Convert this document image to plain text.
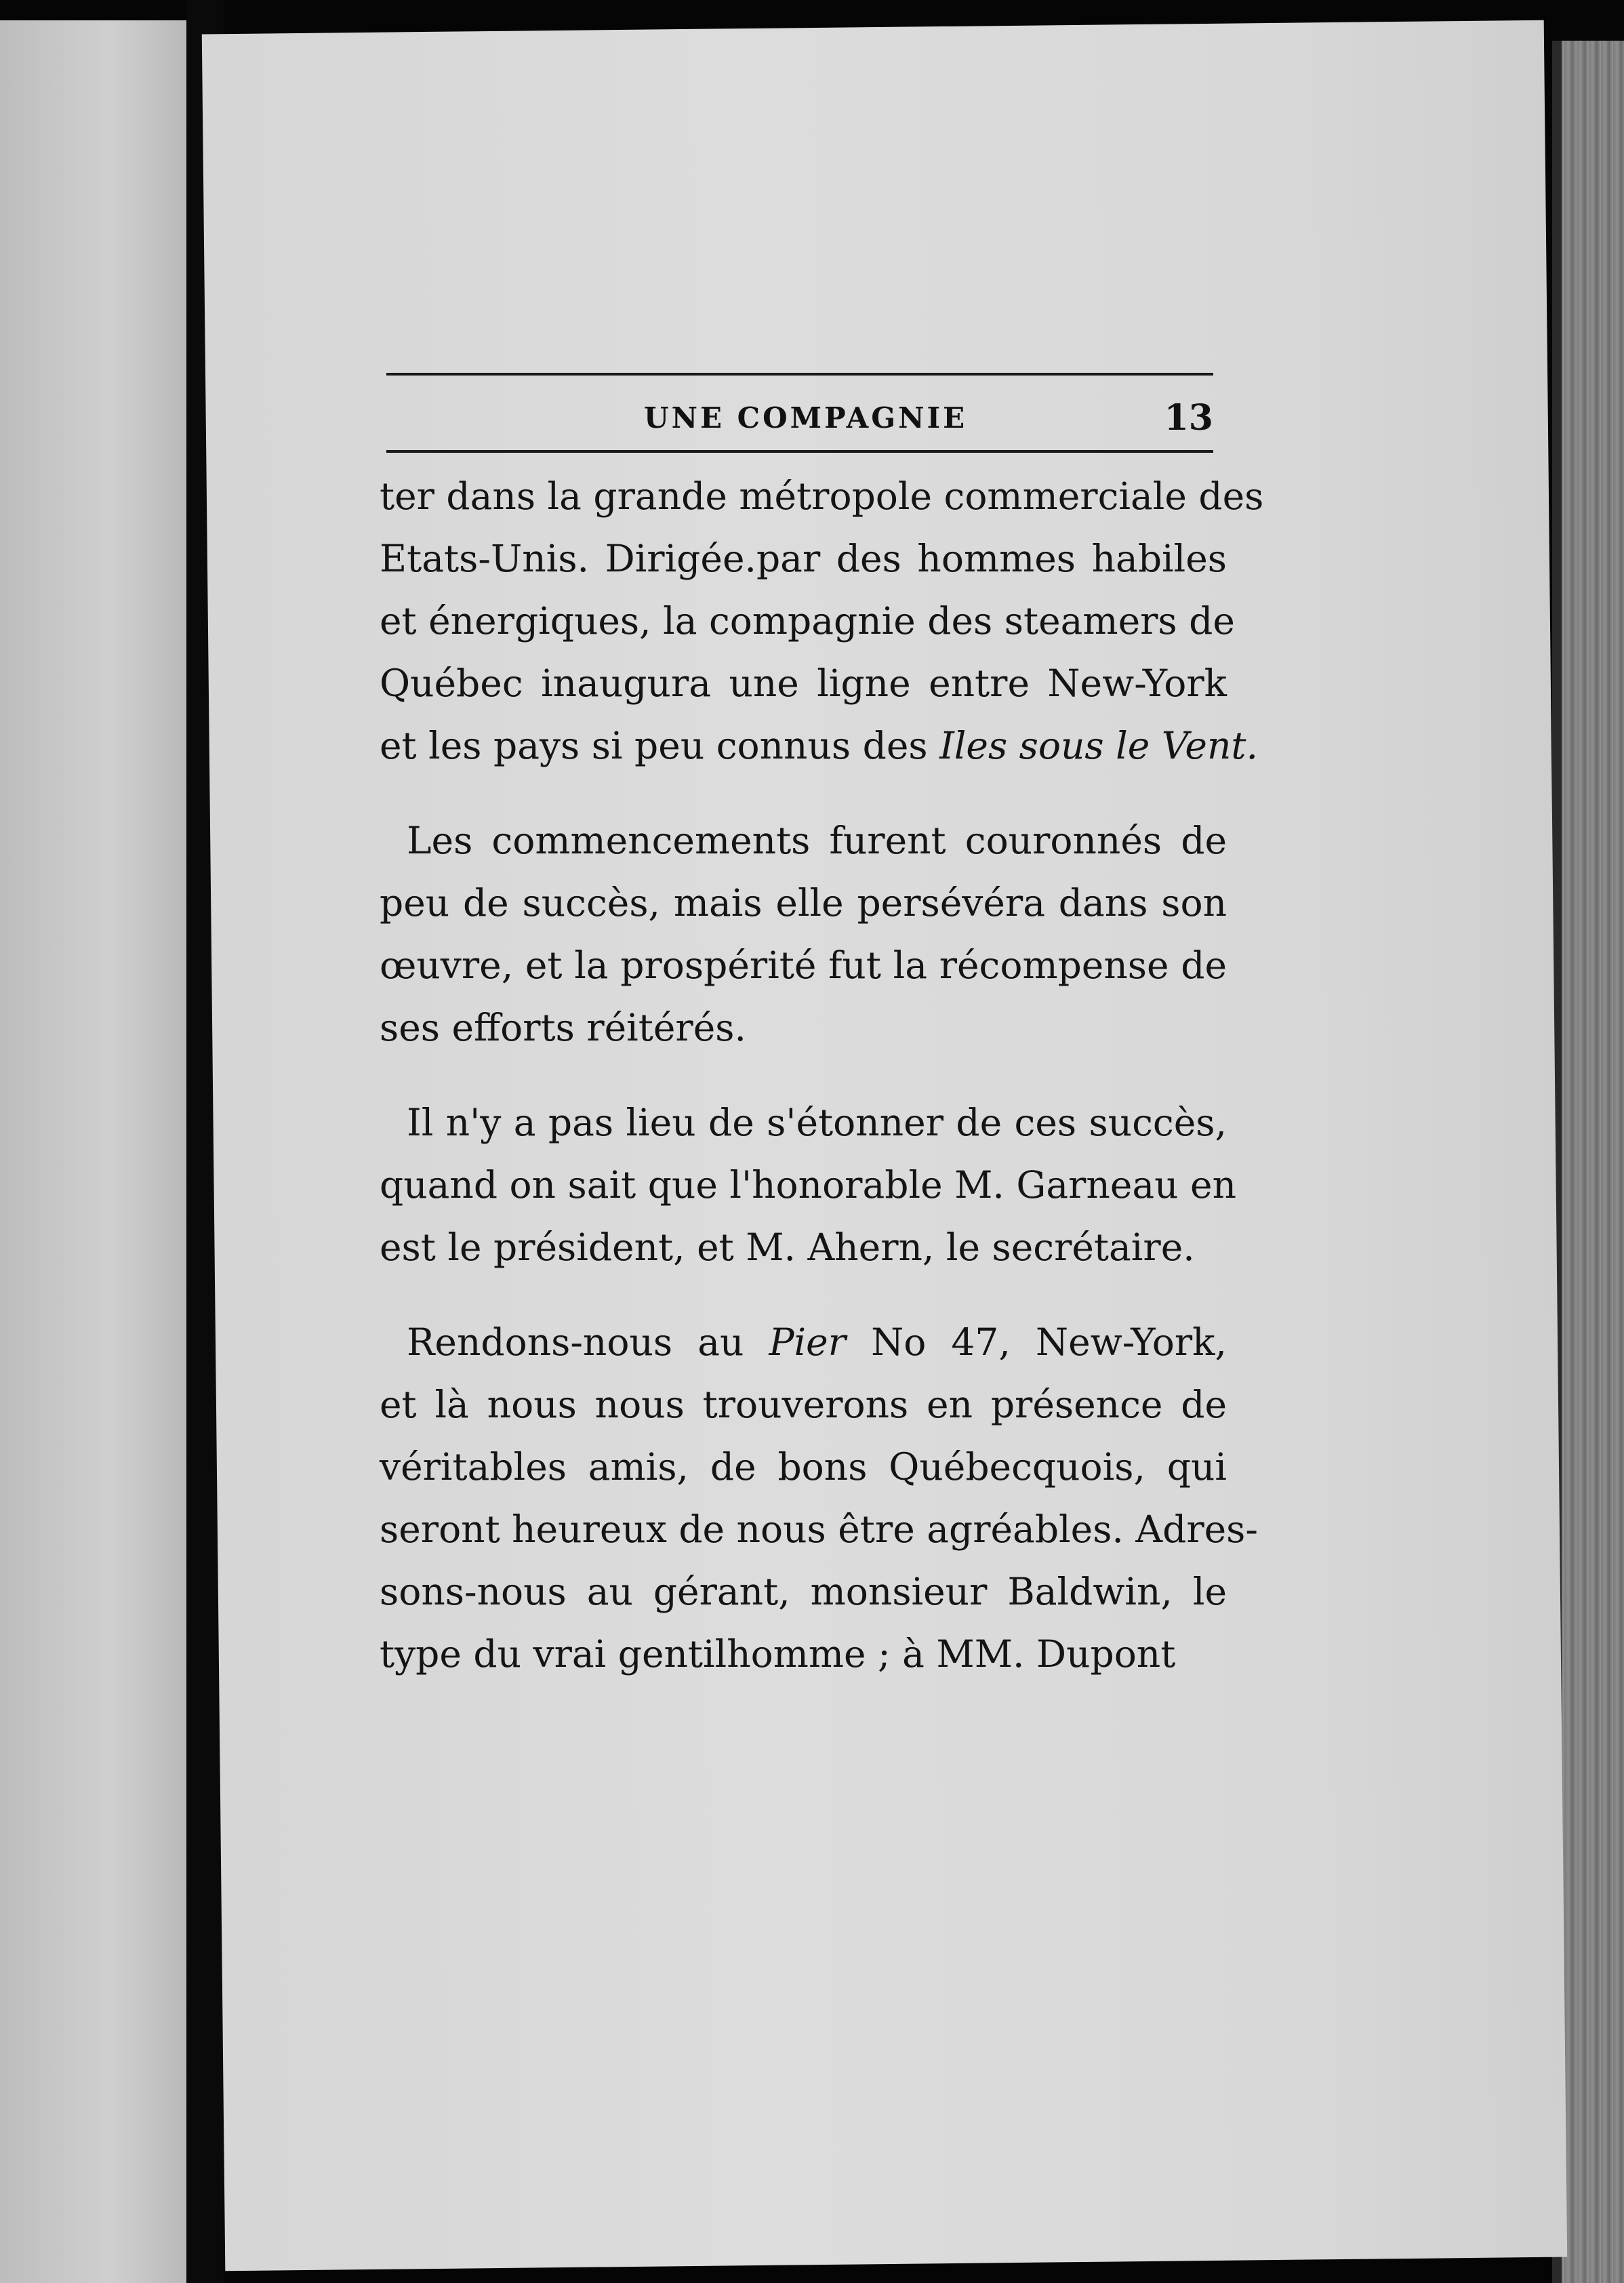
UNE COMPAGNIE	13
ter dans la grande métropole commerciale des
Etats-Unis. Dirigée.par des hommes habiles
et énergiques, la compagnie des steamers de
Québec inaugura une ligne entre New-York
et les pays si peu connus des Iles sous le Vent.
Les commencements furent couronnés de
peu de succès, mais elle persévéra dans son
œuvre, et la prospérité fut la récompense de
ses efforts réitérés.
Il n'y a pas lieu de s'étonner de ces succès,
quand on sait que l'honorable M. Garneau en
est le président, et M. Ahern, le secrétaire.
Rendons-nous au Pier No 47, New-York,
et là nous nous trouverons en présence de
véritables amis, de bons Québecquois, qui
seront heureux de nous être agréables. Adres-
sons-nous au gérant, monsieur Baldwin, le
type du vrai gentilhomme ; à MM. Dupont
